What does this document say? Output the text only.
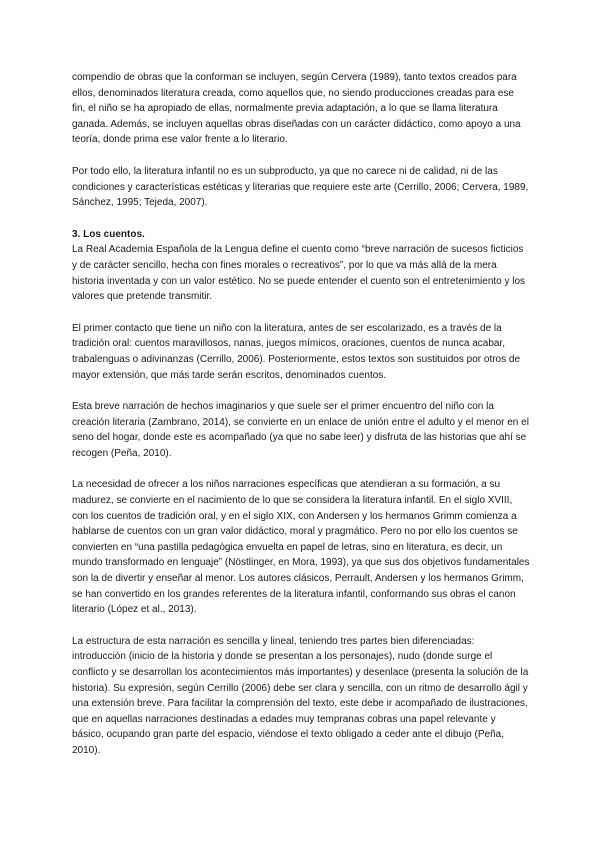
compendio de obras que la conforman se incluyen, según Cervera (1989), tanto textos creados para ellos, denominados literatura creada, como aquellos que, no siendo producciones creadas para ese fin, el niño se ha apropiado de ellas, normalmente previa adaptación, a lo que se llama literatura ganada. Además, se incluyen aquellas obras diseñadas con un carácter didáctico, como apoyo a una teoría, donde prima ese valor frente a lo literario.

Por todo ello, la literatura infantil no es un subproducto, ya que no carece ni de calidad, ni de las condiciones y características estéticas y literarias que requiere este arte (Cerrillo, 2006; Cervera, 1989, Sánchez, 1995; Tejeda, 2007).

3. Los cuentos.

La Real Academia Española de la Lengua define el cuento como “breve narración de sucesos ficticios y de carácter sencillo, hecha con fines morales o recreativos”, por lo que va más allá de la mera historia inventada y con un valor estético. No se puede entender el cuento son el entretenimiento y los valores que pretende transmitir.

El primer contacto que tiene un niño con la literatura, antes de ser escolarizado, es a través de la tradición oral: cuentos maravillosos, nanas, juegos mímicos, oraciones, cuentos de nunca acabar, trabalenguas o adivinanzas (Cerrillo, 2006). Posteriormente, estos textos son sustituidos por otros de mayor extensión, que más tarde serán escritos, denominados cuentos.

Esta breve narración de hechos imaginarios y que suele ser el primer encuentro del niño con la creación literaria (Zambrano, 2014), se convierte en un enlace de unión entre el adulto y el menor en el seno del hogar, donde este es acompañado (ya que no sabe leer) y disfruta de las historias que ahí se recogen (Peña, 2010).

La necesidad de ofrecer a los niños narraciones específicas que atendieran a su formación, a su madurez, se convierte en el nacimiento de lo que se considera la literatura infantil. En el siglo XVIII, con los cuentos de tradición oral, y en el siglo XIX, con Andersen y los hermanos Grimm comienza a hablarse de cuentos con un gran valor didáctico, moral y pragmático. Pero no por ello los cuentos se convierten en “una pastilla pedagógica envuelta en papel de letras, sino en literatura, es decir, un mundo transformado en lenguaje” (Nöstlinger, en Mora, 1993), ya que sus dos objetivos fundamentales son la de divertir y enseñar al menor. Los autores clásicos, Perrault, Andersen y los hermanos Grimm, se han convertido en los grandes referentes de la literatura infantil, conformando sus obras el canon literario (López et al., 2013).

La estructura de esta narración es sencilla y lineal, teniendo tres partes bien diferenciadas: introducción (inicio de la historia y donde se presentan a los personajes), nudo (donde surge el conflicto y se desarrollan los acontecimientos más importantes) y desenlace (presenta la solución de la historia). Su expresión, según Cerrillo (2006) debe ser clara y sencilla, con un ritmo de desarrollo ágil y una extensión breve. Para facilitar la comprensión del texto, este debe ir acompañado de ilustraciones, que en aquellas narraciones destinadas a edades muy tempranas cobras una papel relevante y básico, ocupando gran parte del espacio, viéndose el texto obligado a ceder ante el dibujo (Peña, 2010).
